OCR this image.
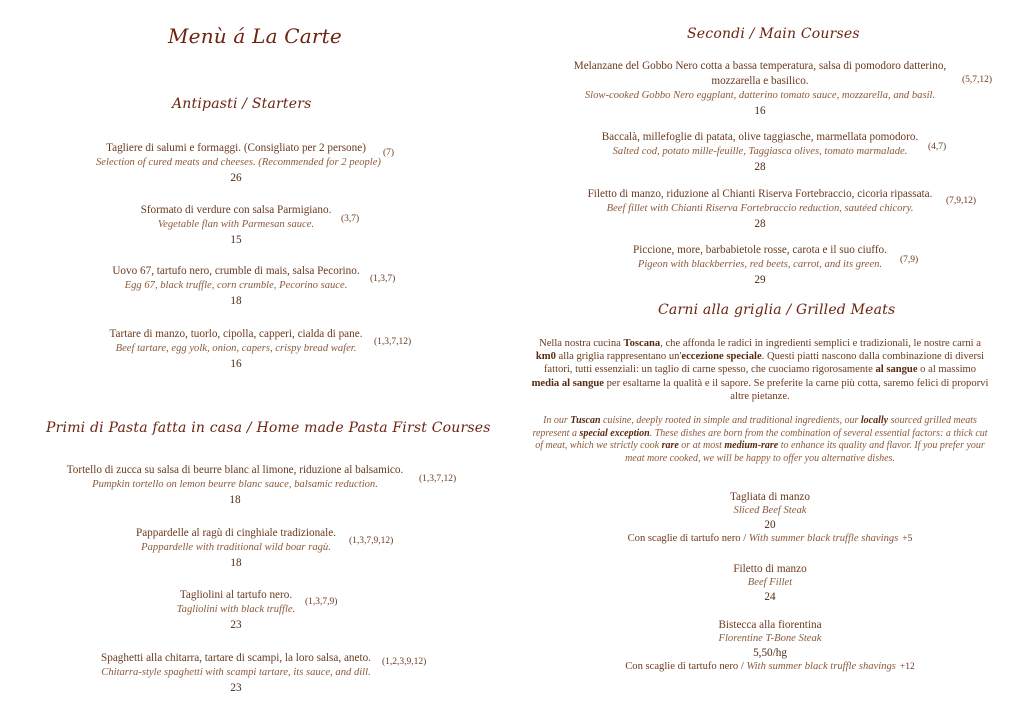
Menù á La Carte
Antipasti / Starters
Tagliere di salumi e formaggi. (Consigliato per 2 persone)
Selection of cured meats and cheeses. (Recommended for 2 people)
26
(7)
Sformato di verdure con salsa Parmigiano.
Vegetable flan with Parmesan sauce.
15
(3,7)
Uovo 67, tartufo nero, crumble di mais, salsa Pecorino.
Egg 67, black truffle, corn crumble, Pecorino sauce.
18
(1,3,7)
Tartare di manzo, tuorlo, cipolla, capperi, cialda di pane.
Beef tartare, egg yolk, onion, capers, crispy bread wafer.
16
(1,3,7,12)
Primi di Pasta fatta in casa / Home made Pasta First Courses
Tortello di zucca su salsa di beurre blanc al limone, riduzione al balsamico.
Pumpkin tortello on lemon beurre blanc sauce, balsamic reduction.
18
(1,3,7,12)
Pappardelle al ragù di cinghiale tradizionale.
Pappardelle with traditional wild boar ragù.
18
(1,3,7,9,12)
Tagliolini al tartufo nero.
Tagliolini with black truffle.
23
(1,3,7,9)
Spaghetti alla chitarra, tartare di scampi, la loro salsa, aneto.
Chitarra-style spaghetti with scampi tartare, its sauce, and dill.
23
(1,2,3,9,12)
Secondi / Main Courses
Melanzane del Gobbo Nero cotta a bassa temperatura, salsa di pomodoro datterino,
mozzarella e basilico.
Slow-cooked Gobbo Nero eggplant, datterino tomato sauce, mozzarella, and basil.
16
(5,7,12)
Baccalà, millefoglie di patata, olive taggiasche, marmellata pomodoro.
Salted cod, potato mille-feuille, Taggiasca olives, tomato marmalade.
28
(4,7)
Filetto di manzo, riduzione al Chianti Riserva Fortebraccio, cicoria ripassata.
Beef fillet with Chianti Riserva Fortebraccio reduction, sautéed chicory.
28
(7,9,12)
Piccione, more, barbabietole rosse, carota e il suo ciuffo.
Pigeon with blackberries, red beets, carrot, and its green.
29
(7,9)
Carni alla griglia / Grilled Meats
Nella nostra cucina Toscana, che affonda le radici in ingredienti semplici e tradizionali, le nostre carni a km0 alla griglia rappresentano un'eccezione speciale. Questi piatti nascono dalla combinazione di diversi fattori, tutti essenziali: un taglio di carne spesso, che cuociamo rigorosamente al sangue o al massimo media al sangue per esaltarne la qualità e il sapore. Se preferite la carne più cotta, saremo felici di proporvi altre pietanze.
In our Tuscan cuisine, deeply rooted in simple and traditional ingredients, our locally sourced grilled meats represent a special exception. These dishes are born from the combination of several essential factors: a thick cut of meat, which we strictly cook rare or at most medium-rare to enhance its quality and flavor. If you prefer your meat more cooked, we will be happy to offer you alternative dishes.
Tagliata di manzo
Sliced Beef Steak
20
Con scaglie di tartufo nero / With summer black truffle shavings +5
Filetto di manzo
Beef Fillet
24
Bistecca alla fiorentina
Florentine T-Bone Steak
5,50/hg
Con scaglie di tartufo nero / With summer black truffle shavings +12
